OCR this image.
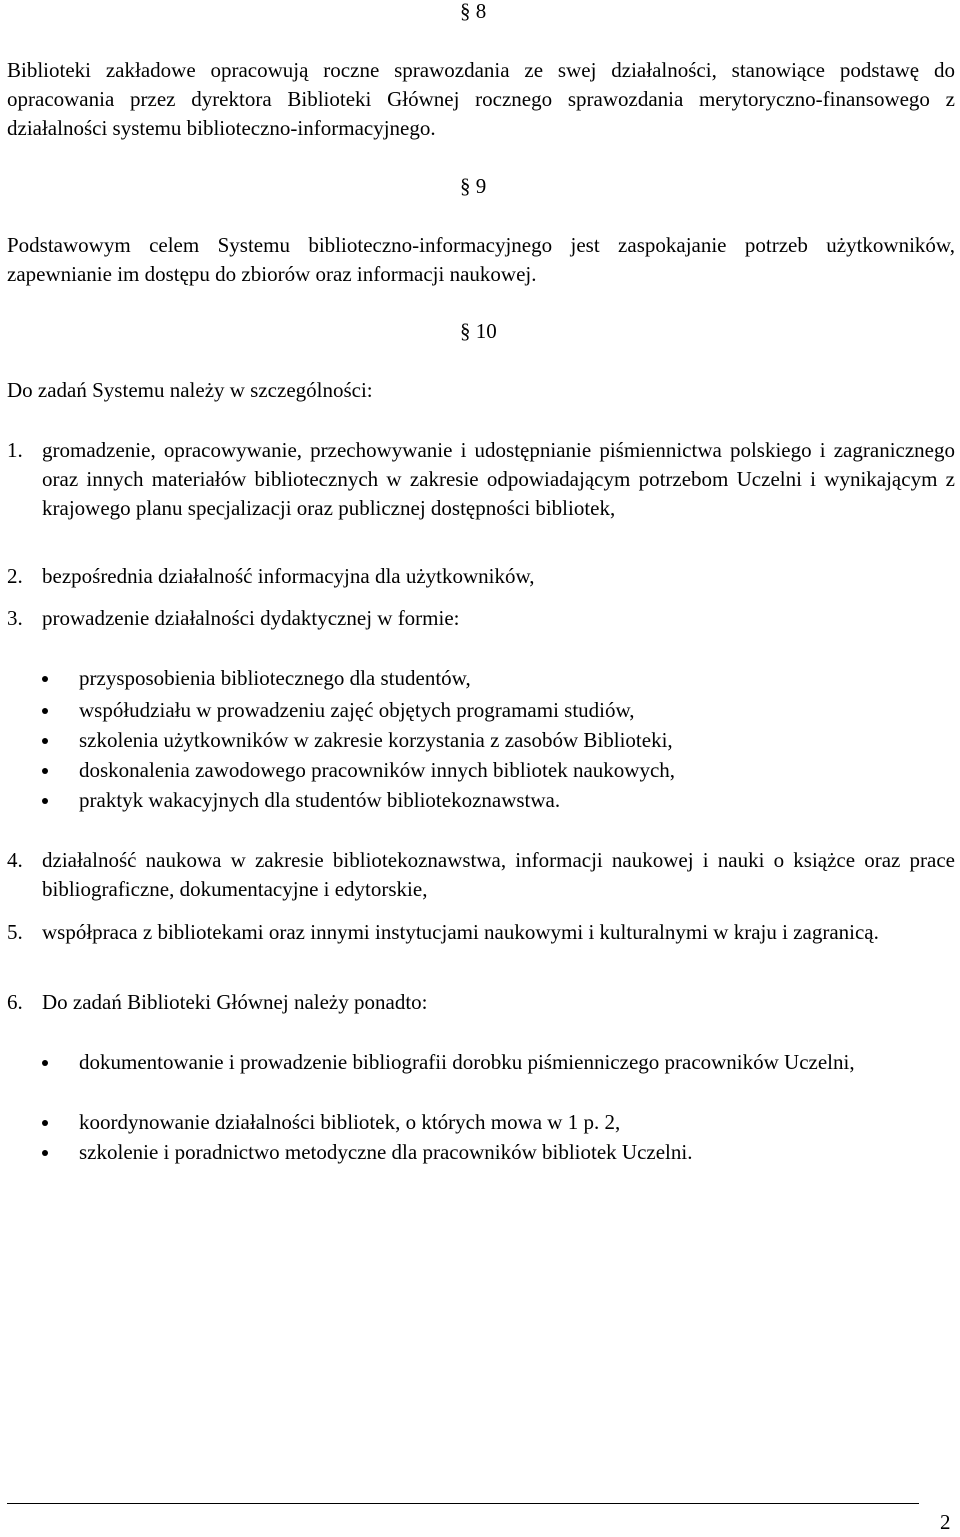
§ 8

Biblioteki zakładowe opracowują roczne sprawozdania ze swej działalności, stanowiące podstawę do opracowania przez dyrektora Biblioteki Głównej rocznego sprawozdania merytoryczno-finansowego z działalności systemu biblioteczno-informacyjnego.

§ 9

Podstawowym celem Systemu biblioteczno-informacyjnego jest zaspokajanie potrzeb użytkowników, zapewnianie im dostępu do zbiorów oraz informacji naukowej.

§ 10
Do zadań Systemu należy w szczególności:
1. gromadzenie, opracowywanie, przechowywanie i udostępnianie piśmiennictwa polskiego i zagranicznego oraz innych materiałów bibliotecznych w zakresie odpowiadającym potrzebom Uczelni i wynikającym z krajowego planu specjalizacji oraz publicznej dostępności bibliotek,
2. bezpośrednia działalność informacyjna dla użytkowników,
3. prowadzenie działalności dydaktycznej w formie:
przysposobienia bibliotecznego dla studentów,
współudziału w prowadzeniu zajęć objętych programami studiów,
szkolenia użytkowników w zakresie korzystania z zasobów Biblioteki,
doskonalenia zawodowego pracowników innych bibliotek naukowych,
praktyk wakacyjnych dla studentów bibliotekoznawstwa.
4. działalność naukowa w zakresie bibliotekoznawstwa, informacji naukowej i nauki o książce oraz prace bibliograficzne, dokumentacyjne i edytorskie,
5. współpraca z bibliotekami oraz innymi instytucjami naukowymi i kulturalnymi w kraju i zagranicą.
6. Do zadań Biblioteki Głównej należy ponadto:
dokumentowanie i prowadzenie bibliografii dorobku piśmienniczego pracowników Uczelni,
koordynowanie działalności bibliotek, o których mowa w 1 p. 2,
szkolenie i poradnictwo metodyczne dla pracowników bibliotek Uczelni.
2
